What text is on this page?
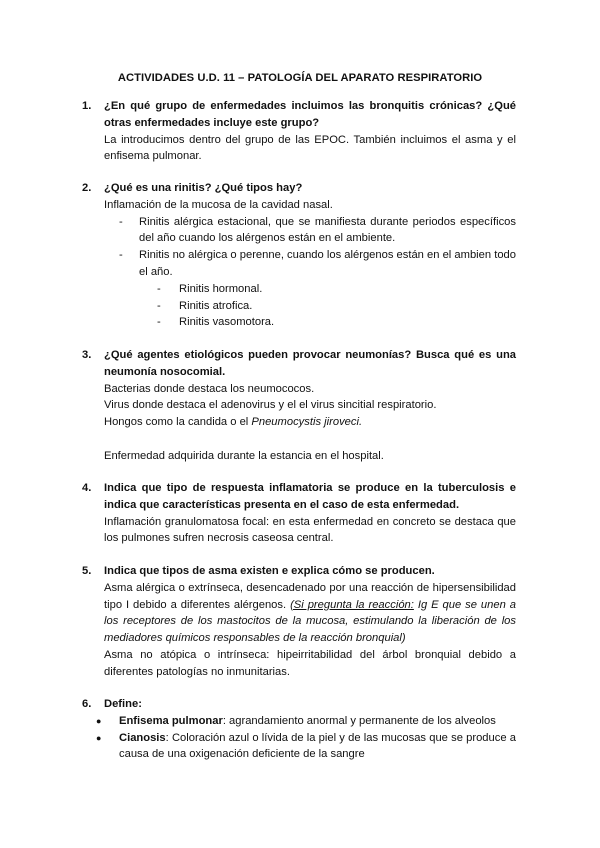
ACTIVIDADES U.D. 11 – PATOLOGÍA DEL APARATO RESPIRATORIO
1. ¿En qué grupo de enfermedades incluimos las bronquitis crónicas? ¿Qué otras enfermedades incluye este grupo?
La introducimos dentro del grupo de las EPOC. También incluimos el asma y el enfisema pulmonar.
2. ¿Qué es una rinitis? ¿Qué tipos hay?
Inflamación de la mucosa de la cavidad nasal.
- Rinitis alérgica estacional, que se manifiesta durante periodos específicos del año cuando los alérgenos están en el ambiente.
- Rinitis no alérgica o perenne, cuando los alérgenos están en el ambien todo el año.
- Rinitis hormonal.
- Rinitis atrofica.
- Rinitis vasomotora.
3. ¿Qué agentes etiológicos pueden provocar neumonías? Busca qué es una neumonía nosocomial.
Bacterias donde destaca los neumococos.
Virus donde destaca el adenovirus y el el virus sincitial respiratorio.
Hongos como la candida o el Pneumocystis jiroveci.
Enfermedad adquirida durante la estancia en el hospital.
4. Indica que tipo de respuesta inflamatoria se produce en la tuberculosis e indica que características presenta en el caso de esta enfermedad.
Inflamación granulomatosa focal: en esta enfermedad en concreto se destaca que los pulmones sufren necrosis caseosa central.
5. Indica que tipos de asma existen e explica cómo se producen.
Asma alérgica o extrínseca, desencadenado por una reacción de hipersensibilidad tipo I debido a diferentes alérgenos. (Si pregunta la reacción: Ig E que se unen a los receptores de los mastocitos de la mucosa, estimulando la liberación de los mediadores químicos responsables de la reacción bronquial)
Asma no atópica o intrínseca: hipeirritabilidad del árbol bronquial debido a diferentes patologías no inmunitarias.
6. Define:
● Enfisema pulmonar: agrandamiento anormal y permanente de los alveolos
● Cianosis: Coloración azul o lívida de la piel y de las mucosas que se produce a causa de una oxigenación deficiente de la sangre
